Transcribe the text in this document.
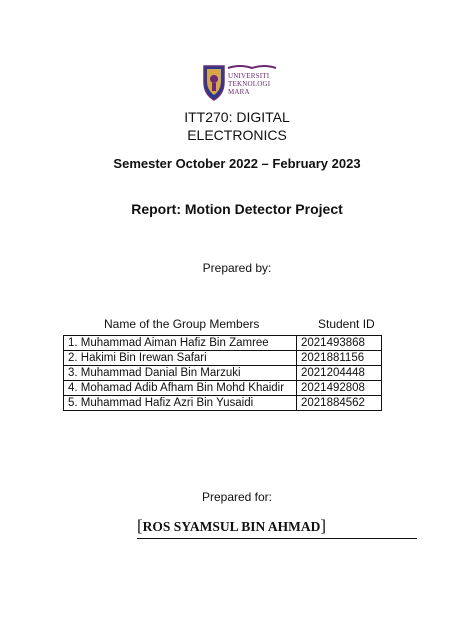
UNIVERSITI
TEKNOLOGI
MARA
ITT270: DIGITAL
ELECTRONICS
Semester October 2022 – February 2023
Report: Motion Detector Project
Prepared by:
Name of the Group Members	Student ID
1. Muhammad Aiman Hafiz Bin Zamree	2021493868
2. Hakimi Bin Irewan Safari	2021881156
3. Muhammad Danial Bin Marzuki	2021204448
4. Mohamad Adib Afham Bin Mohd Khaidir	2021492808
5. Muhammad Hafiz Azri Bin Yusaidi	2021884562
Prepared for:
[ROS SYAMSUL BIN AHMAD]
